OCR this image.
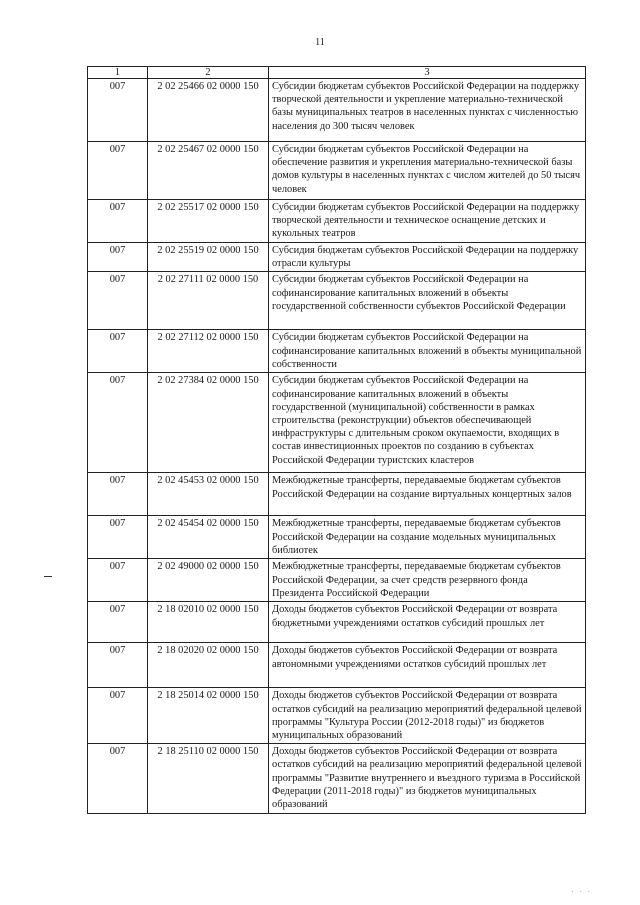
11
· · ·
1	2	3
007	2 02 25466 02 0000 150	Субсидии бюджетам субъектов Российской Федерации на поддержку творческой деятельности и укрепление материально-технической базы муниципальных театров в населенных пунктах с численностью населения до 300 тысяч человек
007	2 02 25467 02 0000 150	Субсидии бюджетам субъектов Российской Федерации на обеспечение развития и укрепления материально-технической базы домов культуры в населенных пунктах с числом жителей до 50 тысяч человек
007	2 02 25517 02 0000 150	Субсидии бюджетам субъектов Российской Федерации на поддержку творческой деятельности и техническое оснащение детских и кукольных театров
007	2 02 25519 02 0000 150	Субсидия бюджетам субъектов Российской Федерации на поддержку отрасли культуры
007	2 02 27111 02 0000 150	Субсидии бюджетам субъектов Российской Федерации на софинансирование капитальных вложений в объекты государственной собственности субъектов Российской Федерации
007	2 02 27112 02 0000 150	Субсидии бюджетам субъектов Российской Федерации на софинансирование капитальных вложений в объекты муниципальной собственности
007	2 02 27384 02 0000 150	Субсидии бюджетам субъектов Российской Федерации на софинансирование капитальных вложений в объекты государственной (муниципальной) собственности в рамках строительства (реконструкции) объектов обеспечивающей инфраструктуры с длительным сроком окупаемости, входящих в состав инвестиционных проектов по созданию в субъектах Российской Федерации туристских кластеров
007	2 02 45453 02 0000 150	Межбюджетные трансферты, передаваемые бюджетам субъектов Российской Федерации на создание виртуальных концертных залов
007	2 02 45454 02 0000 150	Межбюджетные трансферты, передаваемые бюджетам субъектов Российской Федерации на создание модельных муниципальных библиотек
007	2 02 49000 02 0000 150	Межбюджетные трансферты, передаваемые бюджетам субъектов Российской Федерации, за счет средств резервного фонда Президента Российской Федерации
007	2 18 02010 02 0000 150	Доходы бюджетов субъектов Российской Федерации от возврата бюджетными учреждениями остатков субсидий прошлых лет
007	2 18 02020 02 0000 150	Доходы бюджетов субъектов Российской Федерации от возврата автономными учреждениями остатков субсидий прошлых лет
007	2 18 25014 02 0000 150	Доходы бюджетов субъектов Российской Федерации от возврата остатков субсидий на реализацию мероприятий федеральной целевой программы "Культура России (2012-2018 годы)" из бюджетов муниципальных образований
007	2 18 25110 02 0000 150	Доходы бюджетов субъектов Российской Федерации от возврата остатков субсидий на реализацию мероприятий федеральной целевой программы "Развитие внутреннего и въездного туризма в Российской Федерации (2011-2018 годы)" из бюджетов муниципальных образований
